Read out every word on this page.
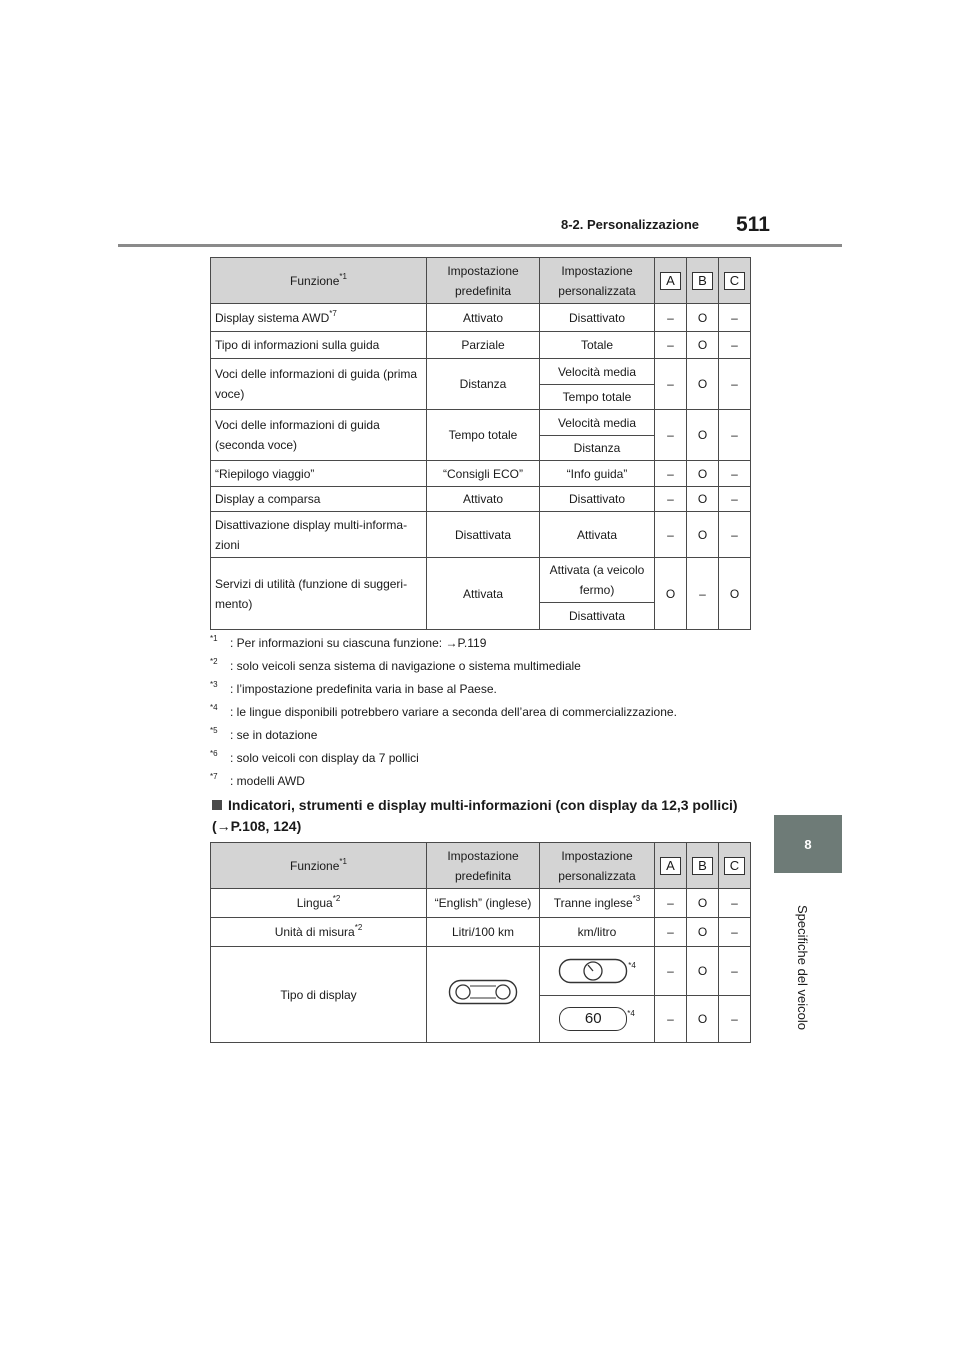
8-2. Personalizzazione 511
8
Specifiche del veicolo
Funzione$^{*1}$	Impostazione predefinita	Impostazione personalizzata	A	B	C
Display sistema AWD$^{*7}$	Attivato	Disattivato	–	O	–
Tipo di informazioni sulla guida	Parziale	Totale	–	O	–
Voci delle informazioni di guida (prima voce)	Distanza	Velocità media	–	O	–
		Tempo totale			
Voci delle informazioni di guida (seconda voce)	Tempo totale	Velocità media	–	O	–
		Distanza			
“Riepilogo viaggio”	“Consigli ECO”	“Info guida”	–	O	–
Display a comparsa	Attivato	Disattivato	–	O	–
Disattivazione display multi-informa-zioni	Disattivata	Attivata	–	O	–
Servizi di utilità (funzione di suggeri-mento)	Attivata	Attivata (a veicolo fermo)	O	–	O
		Disattivata			
$^{*1}$ : Per informazioni su ciascuna funzione: →P.119
$^{*2}$ : solo veicoli senza sistema di navigazione o sistema multimediale
$^{*3}$ : l’impostazione predefinita varia in base al Paese.
$^{*4}$ : le lingue disponibili potrebbero variare a seconda dell’area di commercializzazione.
$^{*5}$ : se in dotazione
$^{*6}$ : solo veicoli con display da 7 pollici
$^{*7}$ : modelli AWD
Indicatori, strumenti e display multi-informazioni (con display da 12,3 pollici) (→P.108, 124)
Funzione$^{*1}$	Impostazione predefinita	Impostazione personalizzata	A	B	C
Lingua$^{*2}$	“English” (inglese)	Tranne inglese$^{*3}$	–	O	–
Unità di misura$^{*2}$	Litri/100 km	km/litro	–	O	–
Tipo di display		$^{*4}$	–	O	–
		60 $^{*4}$	–	O	–
